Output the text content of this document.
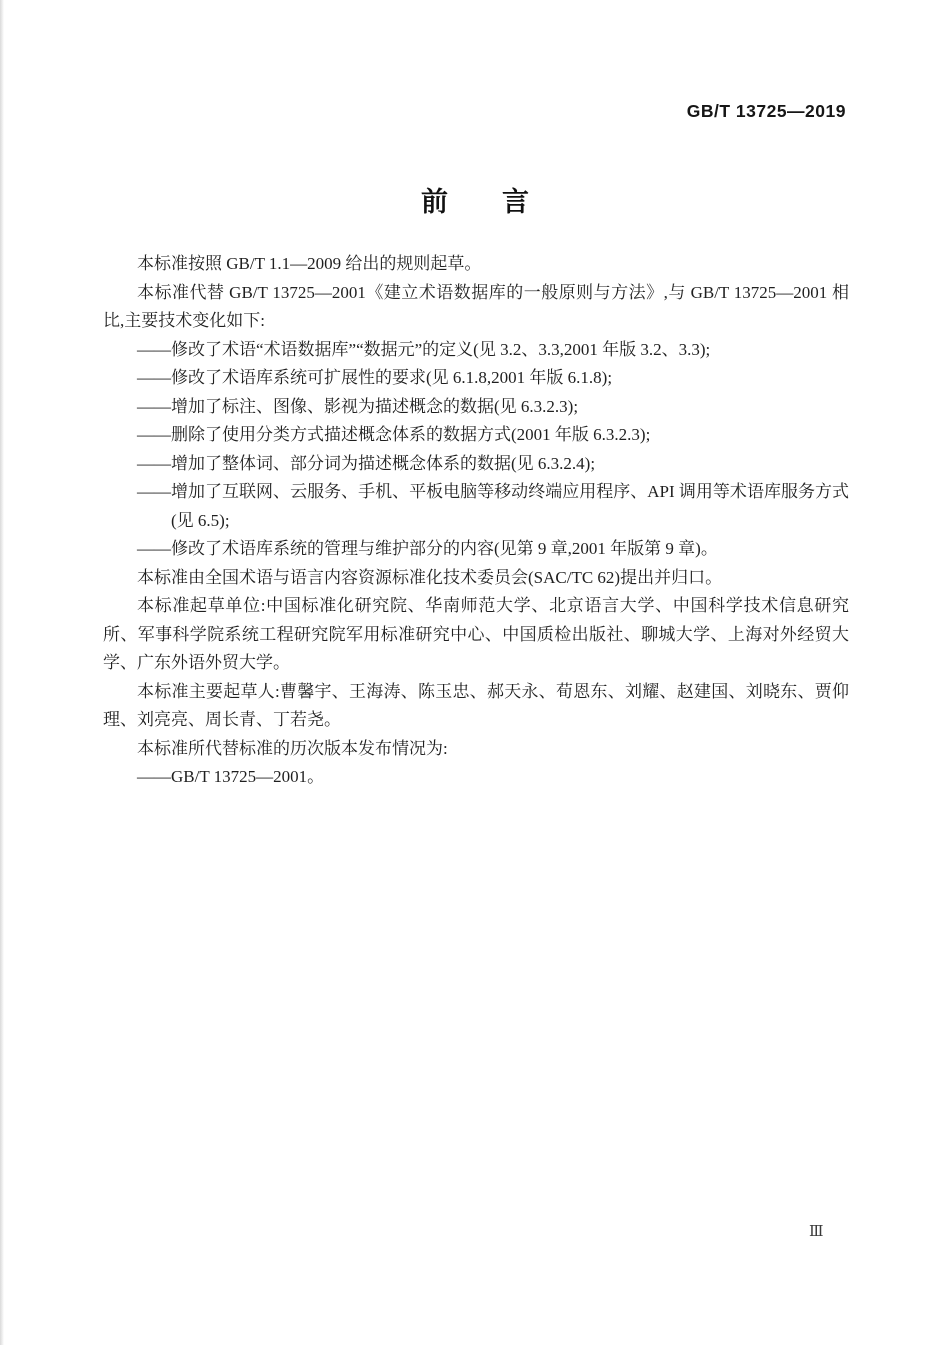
GB/T 13725—2019
前　　言

本标准按照 GB/T 1.1—2009 给出的规则起草。

本标准代替 GB/T 13725—2001《建立术语数据库的一般原则与方法》,与 GB/T 13725—2001 相比,主要技术变化如下:

——修改了术语“术语数据库”“数据元”的定义(见 3.2、3.3,2001 年版 3.2、3.3);

——修改了术语库系统可扩展性的要求(见 6.1.8,2001 年版 6.1.8);

——增加了标注、图像、影视为描述概念的数据(见 6.3.2.3);

——删除了使用分类方式描述概念体系的数据方式(2001 年版 6.3.2.3);

——增加了整体词、部分词为描述概念体系的数据(见 6.3.2.4);

——增加了互联网、云服务、手机、平板电脑等移动终端应用程序、API 调用等术语库服务方式(见 6.5);

——修改了术语库系统的管理与维护部分的内容(见第 9 章,2001 年版第 9 章)。

本标准由全国术语与语言内容资源标准化技术委员会(SAC/TC 62)提出并归口。

本标准起草单位:中国标准化研究院、华南师范大学、北京语言大学、中国科学技术信息研究所、军事科学院系统工程研究院军用标准研究中心、中国质检出版社、聊城大学、上海对外经贸大学、广东外语外贸大学。

本标准主要起草人:曹馨宇、王海涛、陈玉忠、郝天永、荀恩东、刘耀、赵建国、刘晓东、贾仰理、刘亮亮、周长青、丁若尧。

本标准所代替标准的历次版本发布情况为:

——GB/T 13725—2001。

Ⅲ
